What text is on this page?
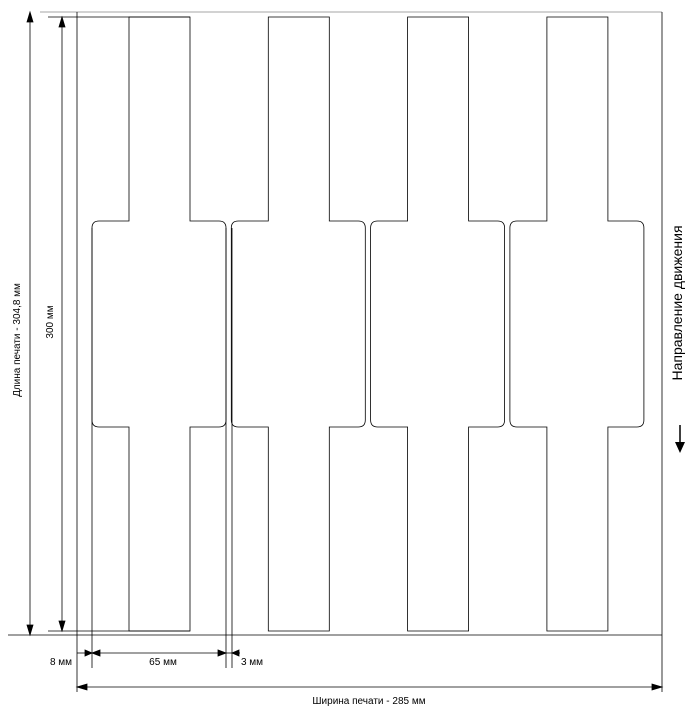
Длина печати - 304,8 мм 300 мм
8 мм	65 мм	3 мм
Ширина печати - 285 мм
Направление движения
